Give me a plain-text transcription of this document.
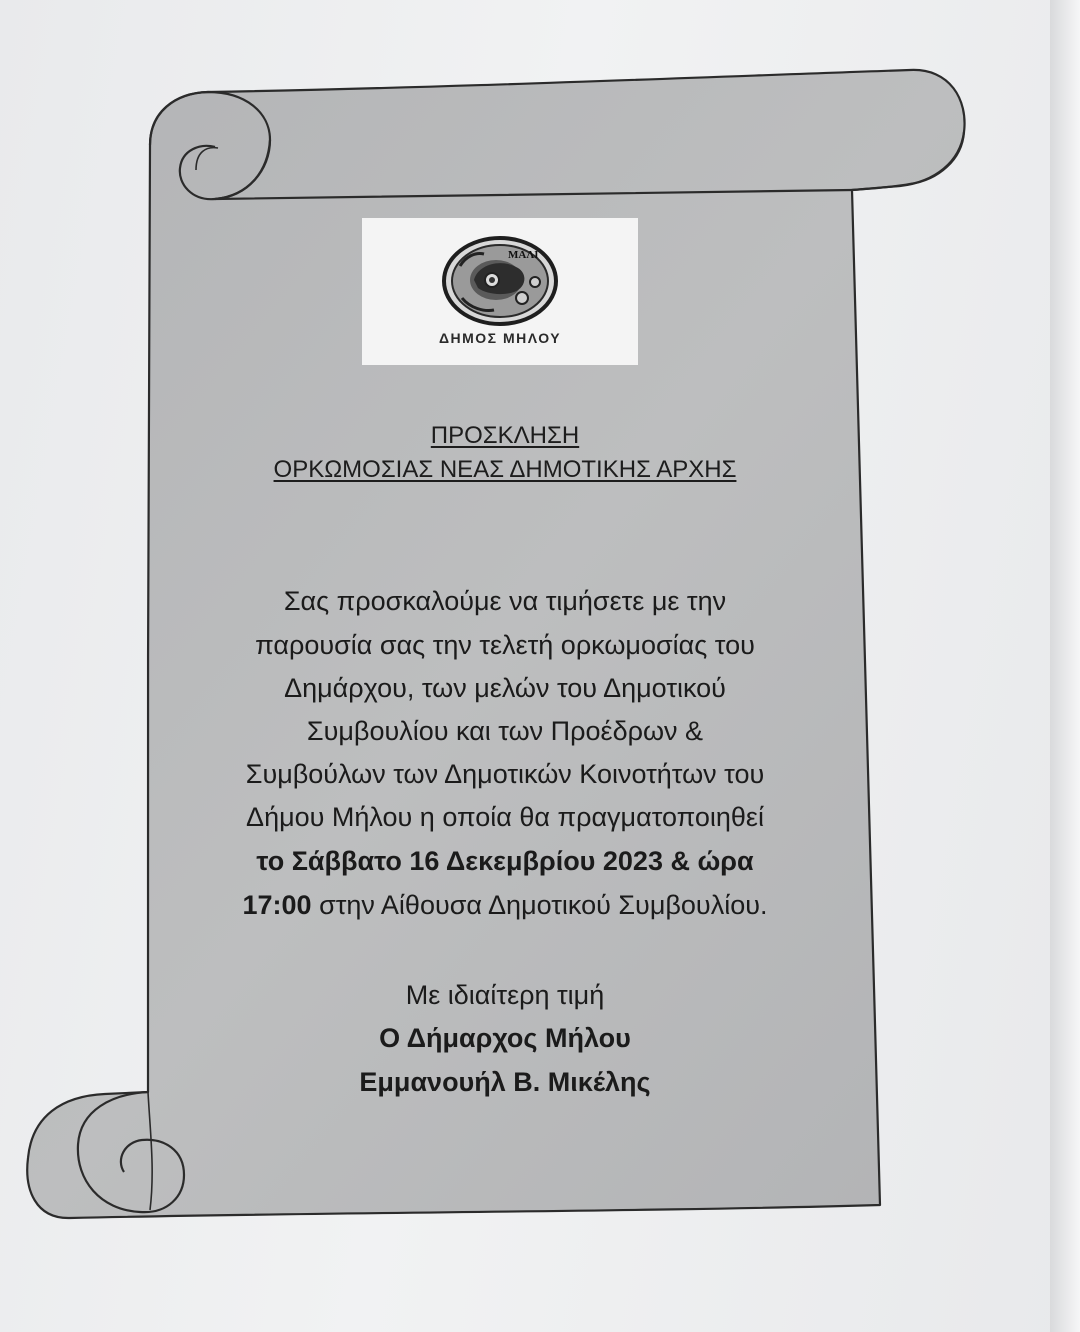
ΜΑΛΙ
ΔΗΜΟΣ ΜΗΛΟΥ
ΠΡΟΣΚΛΗΣΗ
ΟΡΚΩΜΟΣΙΑΣ ΝΕΑΣ ΔΗΜΟΤΙΚΗΣ ΑΡΧΗΣ
Σας προσκαλούμε να τιμήσετε με την
παρουσία σας την τελετή ορκωμοσίας του
Δημάρχου, των μελών του Δημοτικού
Συμβουλίου και των Προέδρων &
Συμβούλων των Δημοτικών Κοινοτήτων του
Δήμου Μήλου η οποία θα πραγματοποιηθεί
το Σάββατο 16 Δεκεμβρίου 2023 & ώρα
17:00 στην Αίθουσα Δημοτικού Συμβουλίου.
Με ιδιαίτερη τιμή
Ο Δήμαρχος Μήλου
Εμμανουήλ Β. Μικέλης
